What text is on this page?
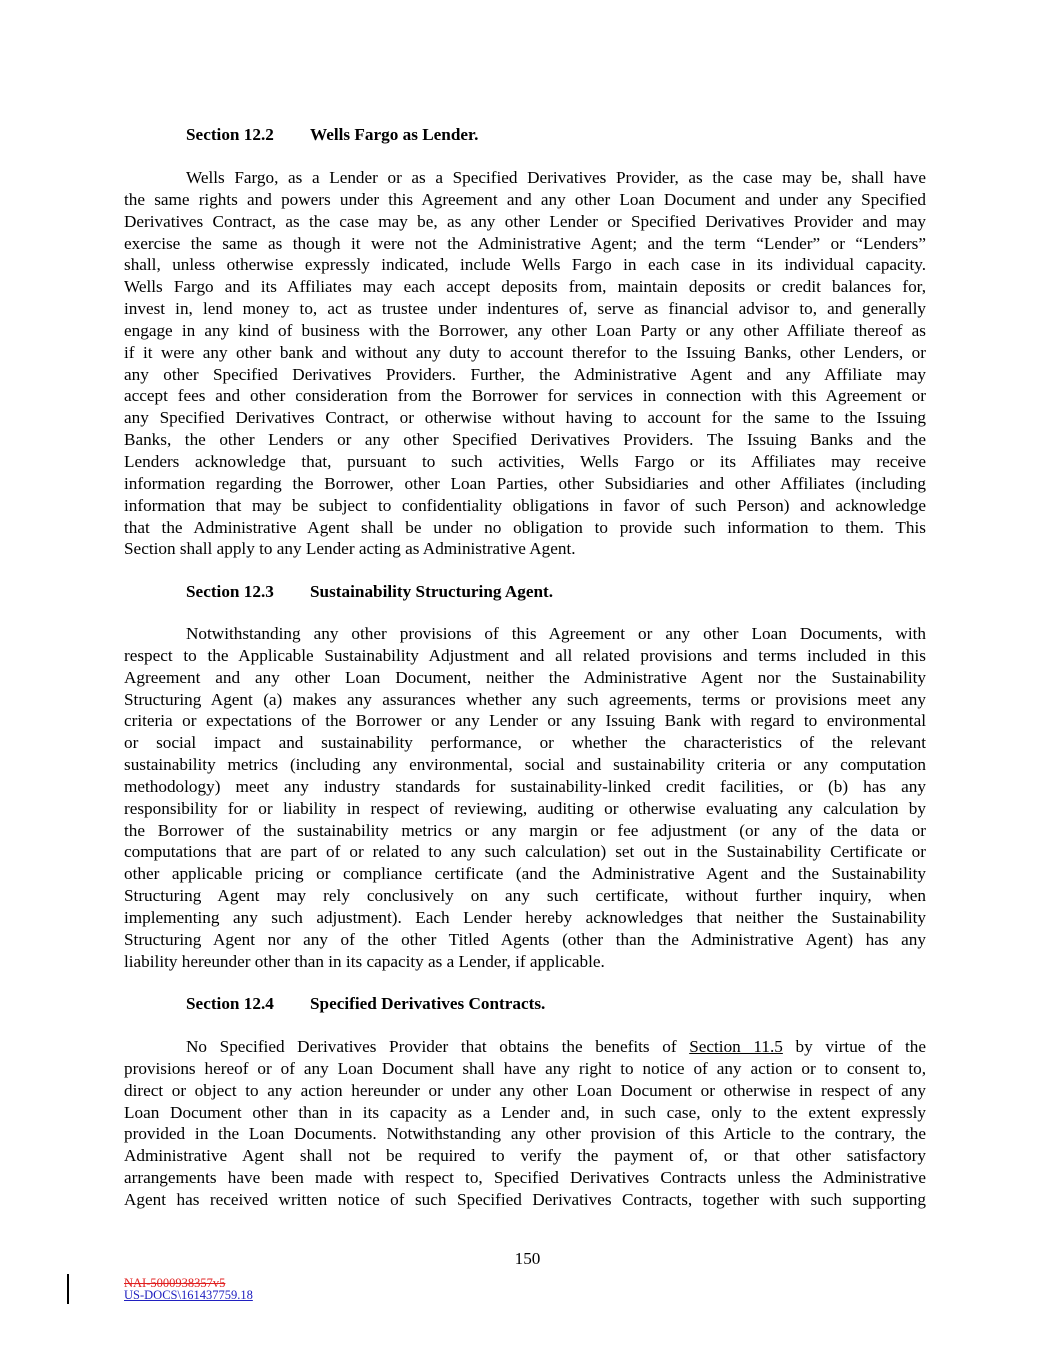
Section 12.2 Wells Fargo as Lender.
Wells Fargo, as a Lender or as a Specified Derivatives Provider, as the case may be, shall have
the same rights and powers under this Agreement and any other Loan Document and under any Specified
Derivatives Contract, as the case may be, as any other Lender or Specified Derivatives Provider and may
exercise the same as though it were not the Administrative Agent; and the term “Lender” or “Lenders”
shall, unless otherwise expressly indicated, include Wells Fargo in each case in its individual capacity.
Wells Fargo and its Affiliates may each accept deposits from, maintain deposits or credit balances for,
invest in, lend money to, act as trustee under indentures of, serve as financial advisor to, and generally
engage in any kind of business with the Borrower, any other Loan Party or any other Affiliate thereof as
if it were any other bank and without any duty to account therefor to the Issuing Banks, other Lenders, or
any other Specified Derivatives Providers. Further, the Administrative Agent and any Affiliate may
accept fees and other consideration from the Borrower for services in connection with this Agreement or
any Specified Derivatives Contract, or otherwise without having to account for the same to the Issuing
Banks, the other Lenders or any other Specified Derivatives Providers. The Issuing Banks and the
Lenders acknowledge that, pursuant to such activities, Wells Fargo or its Affiliates may receive
information regarding the Borrower, other Loan Parties, other Subsidiaries and other Affiliates (including
information that may be subject to confidentiality obligations in favor of such Person) and acknowledge
that the Administrative Agent shall be under no obligation to provide such information to them. This
Section shall apply to any Lender acting as Administrative Agent.
Section 12.3 Sustainability Structuring Agent.
Notwithstanding any other provisions of this Agreement or any other Loan Documents, with
respect to the Applicable Sustainability Adjustment and all related provisions and terms included in this
Agreement and any other Loan Document, neither the Administrative Agent nor the Sustainability
Structuring Agent (a) makes any assurances whether any such agreements, terms or provisions meet any
criteria or expectations of the Borrower or any Lender or any Issuing Bank with regard to environmental
or social impact and sustainability performance, or whether the characteristics of the relevant
sustainability metrics (including any environmental, social and sustainability criteria or any computation
methodology) meet any industry standards for sustainability-linked credit facilities, or (b) has any
responsibility for or liability in respect of reviewing, auditing or otherwise evaluating any calculation by
the Borrower of the sustainability metrics or any margin or fee adjustment (or any of the data or
computations that are part of or related to any such calculation) set out in the Sustainability Certificate or
other applicable pricing or compliance certificate (and the Administrative Agent and the Sustainability
Structuring Agent may rely conclusively on any such certificate, without further inquiry, when
implementing any such adjustment). Each Lender hereby acknowledges that neither the Sustainability
Structuring Agent nor any of the other Titled Agents (other than the Administrative Agent) has any
liability hereunder other than in its capacity as a Lender, if applicable.
Section 12.4 Specified Derivatives Contracts.
No Specified Derivatives Provider that obtains the benefits of Section 11.5 by virtue of the
provisions hereof or of any Loan Document shall have any right to notice of any action or to consent to,
direct or object to any action hereunder or under any other Loan Document or otherwise in respect of any
Loan Document other than in its capacity as a Lender and, in such case, only to the extent expressly
provided in the Loan Documents. Notwithstanding any other provision of this Article to the contrary, the
Administrative Agent shall not be required to verify the payment of, or that other satisfactory
arrangements have been made with respect to, Specified Derivatives Contracts unless the Administrative
Agent has received written notice of such Specified Derivatives Contracts, together with such supporting
150
NAI-5000938357v5
US-DOCS\161437759.18
